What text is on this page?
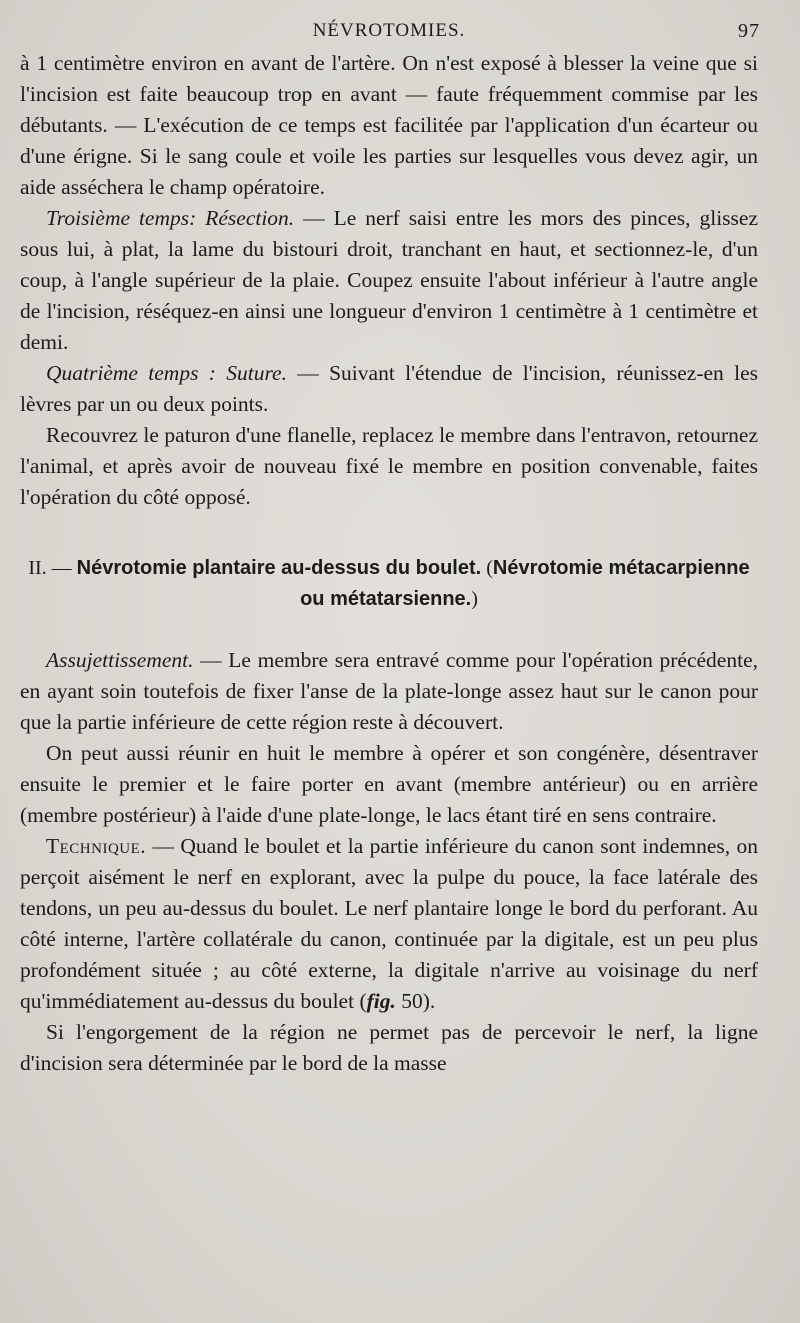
NÉVROTOMIES.	97

à 1 centimètre environ en avant de l'artère. On n'est exposé à blesser la veine que si l'incision est faite beaucoup trop en avant — faute fréquemment commise par les débutants. — L'exécution de ce temps est facilitée par l'application d'un écarteur ou d'une érigne. Si le sang coule et voile les parties sur lesquelles vous devez agir, un aide asséchera le champ opératoire.

Troisième temps: Résection. — Le nerf saisi entre les mors des pinces, glissez sous lui, à plat, la lame du bistouri droit, tranchant en haut, et sectionnez-le, d'un coup, à l'angle supérieur de la plaie. Coupez ensuite l'about inférieur à l'autre angle de l'incision, réséquez-en ainsi une longueur d'environ 1 centimètre à 1 centimètre et demi.

Quatrième temps : Suture. — Suivant l'étendue de l'incision, réunissez-en les lèvres par un ou deux points.

Recouvrez le paturon d'une flanelle, replacez le membre dans l'entravon, retournez l'animal, et après avoir de nouveau fixé le membre en position convenable, faites l'opération du côté opposé.

II. — Névrotomie plantaire au-dessus du boulet. (Névrotomie métacarpienne ou métatarsienne.)

Assujettissement. — Le membre sera entravé comme pour l'opération précédente, en ayant soin toutefois de fixer l'anse de la plate-longe assez haut sur le canon pour que la partie inférieure de cette région reste à découvert.

On peut aussi réunir en huit le membre à opérer et son congénère, désentraver ensuite le premier et le faire porter en avant (membre antérieur) ou en arrière (membre postérieur) à l'aide d'une plate-longe, le lacs étant tiré en sens contraire.

Technique. — Quand le boulet et la partie inférieure du canon sont indemnes, on perçoit aisément le nerf en explorant, avec la pulpe du pouce, la face latérale des tendons, un peu au-dessus du boulet. Le nerf plantaire longe le bord du perforant. Au côté interne, l'artère collatérale du canon, continuée par la digitale, est un peu plus profondément située ; au côté externe, la digitale n'arrive au voisinage du nerf qu'immédiatement au-dessus du boulet (fig. 50).

Si l'engorgement de la région ne permet pas de percevoir le nerf, la ligne d'incision sera déterminée par le bord de la masse
